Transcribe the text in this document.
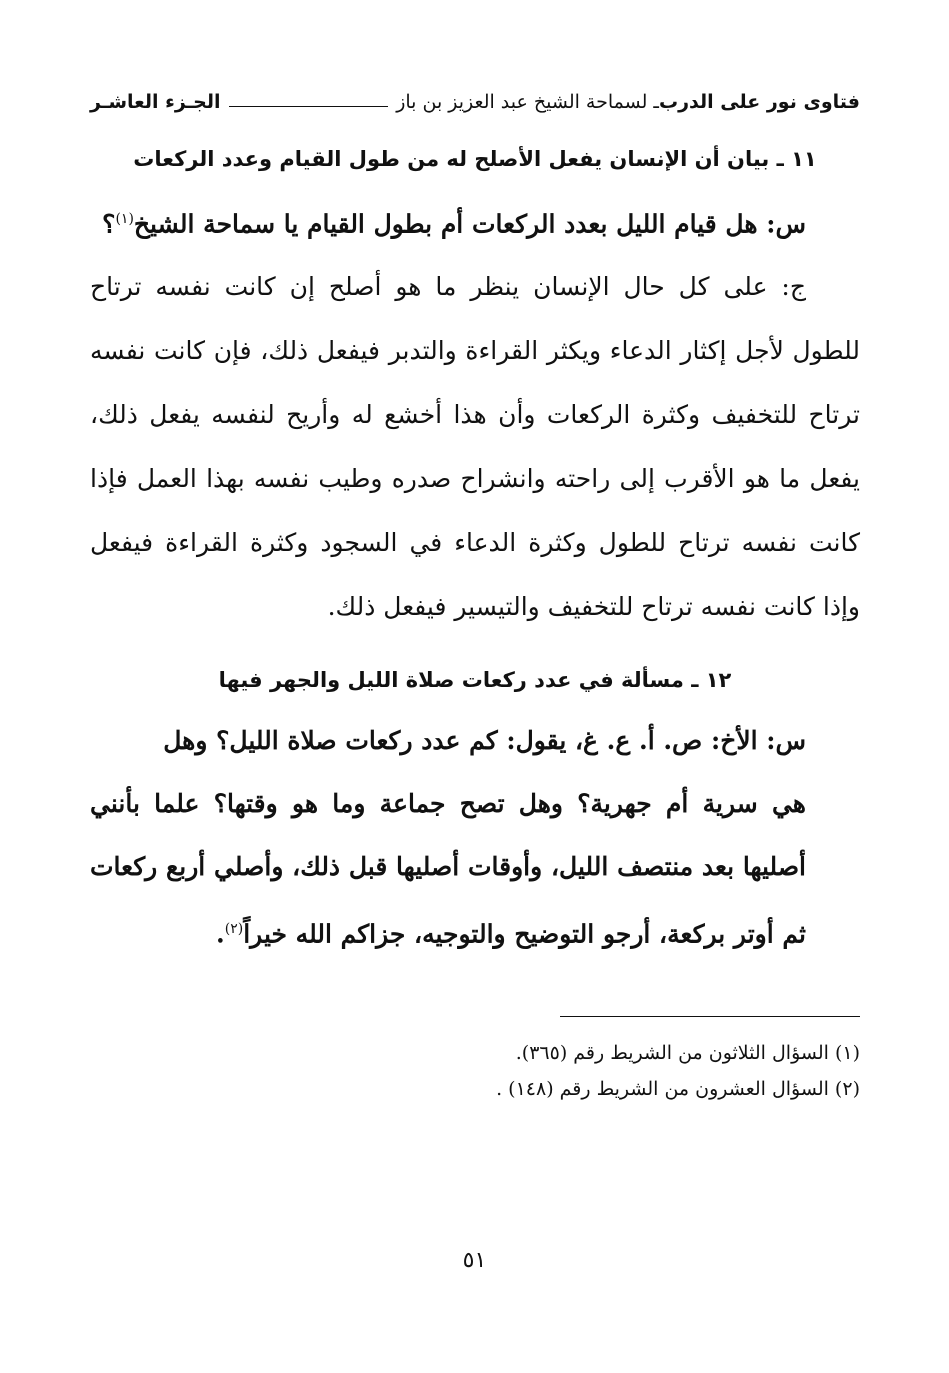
فتاوى نور على الدرب
ـ لسماحة الشيخ عبد العزيز بن باز
الجـزء العاشـر
١١ ـ بيان أن الإنسان يفعل الأصلح له من طول القيام وعدد الركعات

س: هل قيام الليل بعدد الركعات أم بطول القيام يا سماحة الشيخ$^{(١)}$؟

ج: على كل حال الإنسان ينظر ما هو أصلح إن كانت نفسه ترتاح للطول لأجل إكثار الدعاء ويكثر القراءة والتدبر فيفعل ذلك، فإن كانت نفسه ترتاح للتخفيف وكثرة الركعات وأن هذا أخشع له وأريح لنفسه يفعل ذلك، يفعل ما هو الأقرب إلى راحته وانشراح صدره وطيب نفسه بهذا العمل فإذا كانت نفسه ترتاح للطول وكثرة الدعاء في السجود وكثرة القراءة فيفعل وإذا كانت نفسه ترتاح للتخفيف والتيسير فيفعل ذلك.

١٢ ـ مسألة في عدد ركعات صلاة الليل والجهر فيها

س: الأخ: ص. أ. ع. غ، يقول: كم عدد ركعات صلاة الليل؟ وهل
هي سرية أم جهرية؟ وهل تصح جماعة وما هو وقتها؟ علما بأنني أصليها بعد منتصف الليل، وأوقات أصليها قبل ذلك، وأصلي أربع ركعات ثم أوتر بركعة، أرجو التوضيح والتوجيه، جزاكم الله خيراً$^{(٢)}$.

(١) السؤال الثلاثون من الشريط رقم (٣٦٥).

(٢) السؤال العشرون من الشريط رقم (١٤٨) .

٥١
